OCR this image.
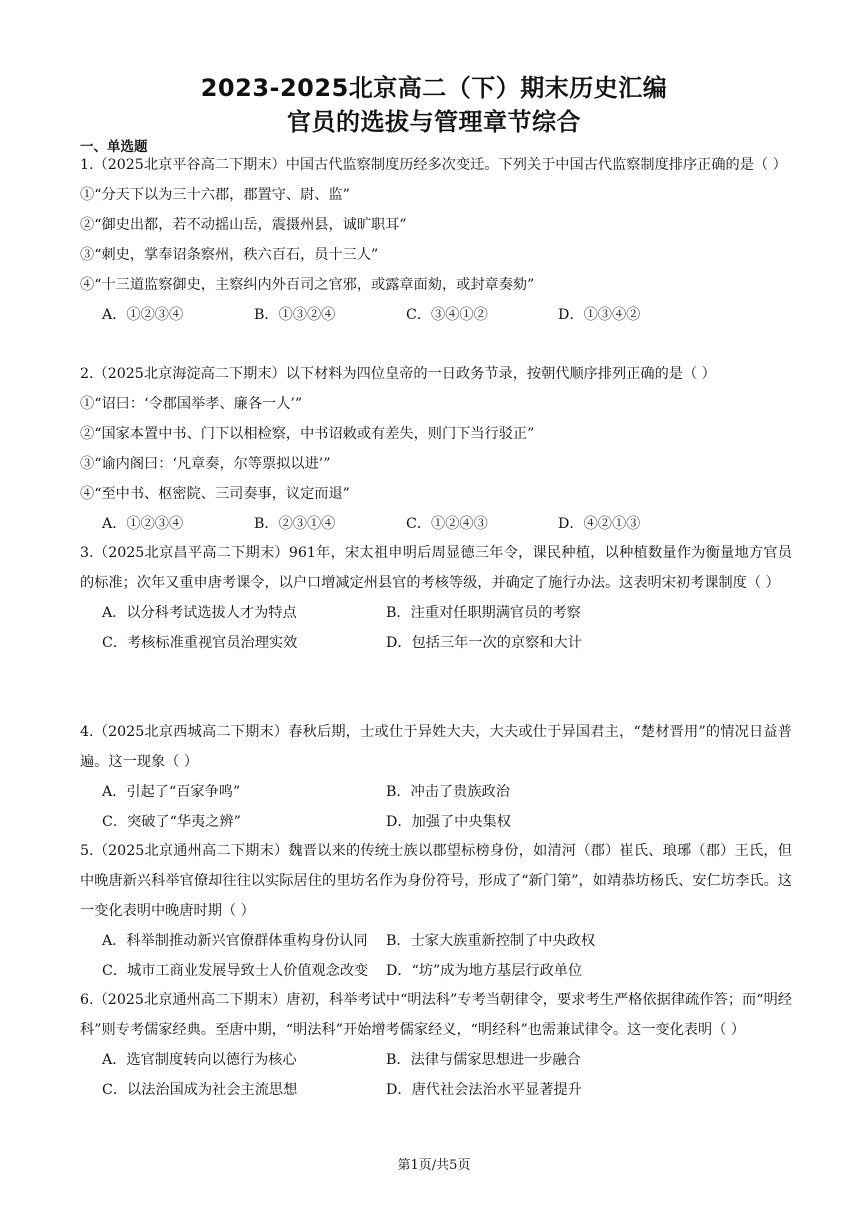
2023-2025北京高二（下）期末历史汇编
官员的选拔与管理章节综合
一、单选题
1.（2025北京平谷高二下期末）中国古代监察制度历经多次变迁。下列关于中国古代监察制度排序正确的是（ ）
①“分天下以为三十六郡，郡置守、尉、监”
②“御史出都，若不动摇山岳，震摄州县，诚旷职耳”
③“刺史，掌奉诏条察州，秩六百石，员十三人”
④“十三道监察御史，主察纠内外百司之官邪，或露章面劾，或封章奏劾”
A．①②③④	B．①③②④	C．③④①②	D．①③④②
2.（2025北京海淀高二下期末）以下材料为四位皇帝的一日政务节录，按朝代顺序排列正确的是（ ）
①“诏曰：‘令郡国举孝、廉各一人’”
②“国家本置中书、门下以相检察，中书诏敕或有差失，则门下当行驳正”
③“谕内阁曰：‘凡章奏，尔等票拟以进’”
④“至中书、枢密院、三司奏事，议定而退”
A．①②③④	B．②③①④	C．①②④③	D．④②①③
3.（2025北京昌平高二下期末）961年，宋太祖申明后周显德三年令，课民种植，以种植数量作为衡量地方官员的标准；次年又重申唐考课令，以户口增减定州县官的考核等级，并确定了施行办法。这表明宋初考课制度（ ）
A．以分科考试选拔人才为特点	B．注重对任职期满官员的考察
C．考核标准重视官员治理实效	D．包括三年一次的京察和大计
4.（2025北京西城高二下期末）春秋后期，士或仕于异姓大夫，大夫或仕于异国君主，“楚材晋用”的情况日益普遍。这一现象（ ）
A．引起了“百家争鸣”	B．冲击了贵族政治
C．突破了“华夷之辨”	D．加强了中央集权
5.（2025北京通州高二下期末）魏晋以来的传统士族以郡望标榜身份，如清河（郡）崔氏、琅琊（郡）王氏，但中晚唐新兴科举官僚却往往以实际居住的里坊名作为身份符号，形成了“新门第”，如靖恭坊杨氏、安仁坊李氏。这一变化表明中晚唐时期（ ）
A．科举制推动新兴官僚群体重构身份认同	B．士家大族重新控制了中央政权
C．城市工商业发展导致士人价值观念改变	D．“坊”成为地方基层行政单位
6.（2025北京通州高二下期末）唐初，科举考试中“明法科”专考当朝律令，要求考生严格依据律疏作答；而“明经科”则专考儒家经典。至唐中期，“明法科”开始增考儒家经义，“明经科”也需兼试律令。这一变化表明（ ）
A．选官制度转向以德行为核心	B．法律与儒家思想进一步融合
C．以法治国成为社会主流思想	D．唐代社会法治水平显著提升
第1页/共5页
